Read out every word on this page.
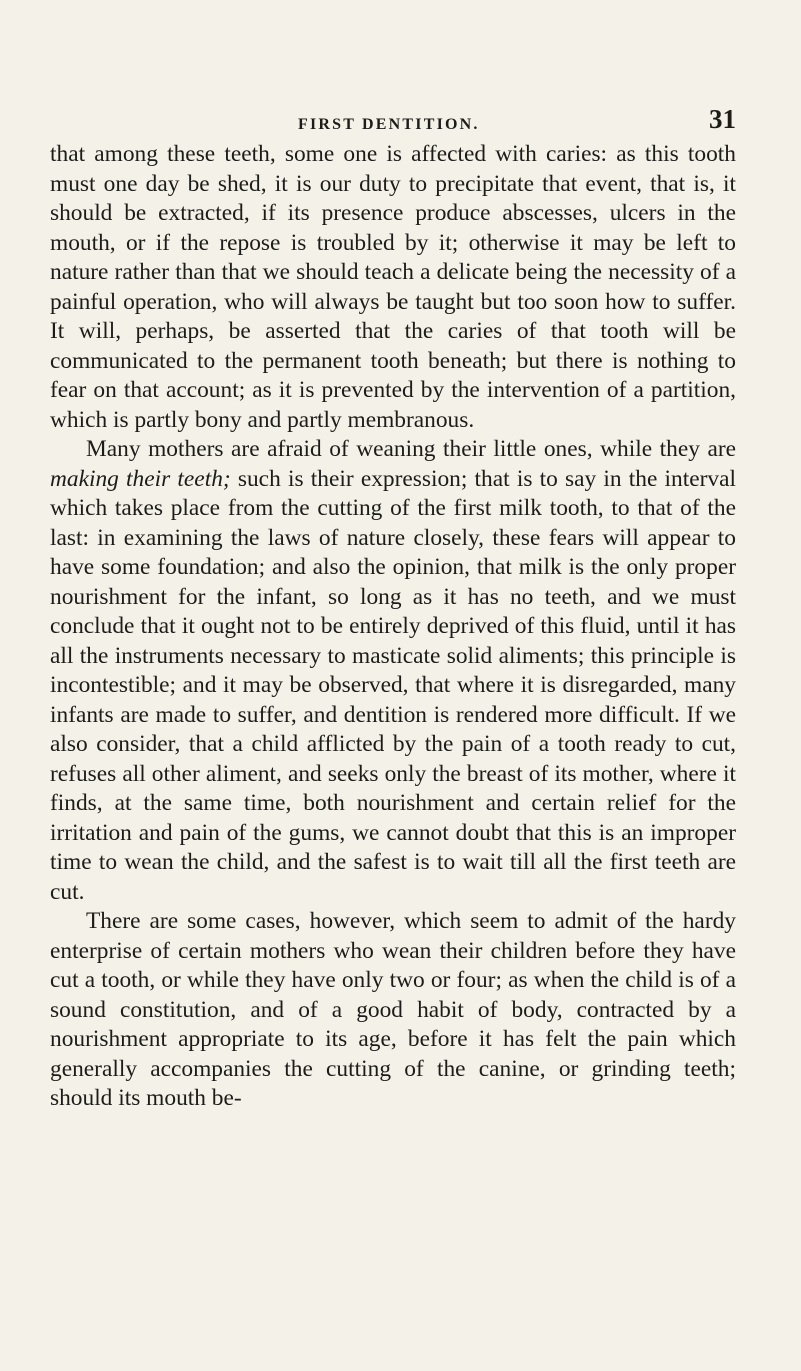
FIRST DENTITION.	31

that among these teeth, some one is affected with caries: as this tooth must one day be shed, it is our duty to precipitate that event, that is, it should be extracted, if its presence produce abscesses, ulcers in the mouth, or if the repose is troubled by it; otherwise it may be left to nature rather than that we should teach a delicate being the necessity of a painful operation, who will always be taught but too soon how to suffer. It will, perhaps, be asserted that the caries of that tooth will be communicated to the permanent tooth beneath; but there is nothing to fear on that account; as it is prevented by the intervention of a partition, which is partly bony and partly membranous.

Many mothers are afraid of weaning their little ones, while they are making their teeth; such is their expression; that is to say in the interval which takes place from the cutting of the first milk tooth, to that of the last: in examining the laws of nature closely, these fears will appear to have some foundation; and also the opinion, that milk is the only proper nourishment for the infant, so long as it has no teeth, and we must conclude that it ought not to be entirely deprived of this fluid, until it has all the instruments necessary to masticate solid aliments; this principle is incontestible; and it may be observed, that where it is disregarded, many infants are made to suffer, and dentition is rendered more difficult. If we also consider, that a child afflicted by the pain of a tooth ready to cut, refuses all other aliment, and seeks only the breast of its mother, where it finds, at the same time, both nourishment and certain relief for the irritation and pain of the gums, we cannot doubt that this is an improper time to wean the child, and the safest is to wait till all the first teeth are cut.

There are some cases, however, which seem to admit of the hardy enterprise of certain mothers who wean their children before they have cut a tooth, or while they have only two or four; as when the child is of a sound constitution, and of a good habit of body, contracted by a nourishment appropriate to its age, before it has felt the pain which generally accompanies the cutting of the canine, or grinding teeth; should its mouth be-
